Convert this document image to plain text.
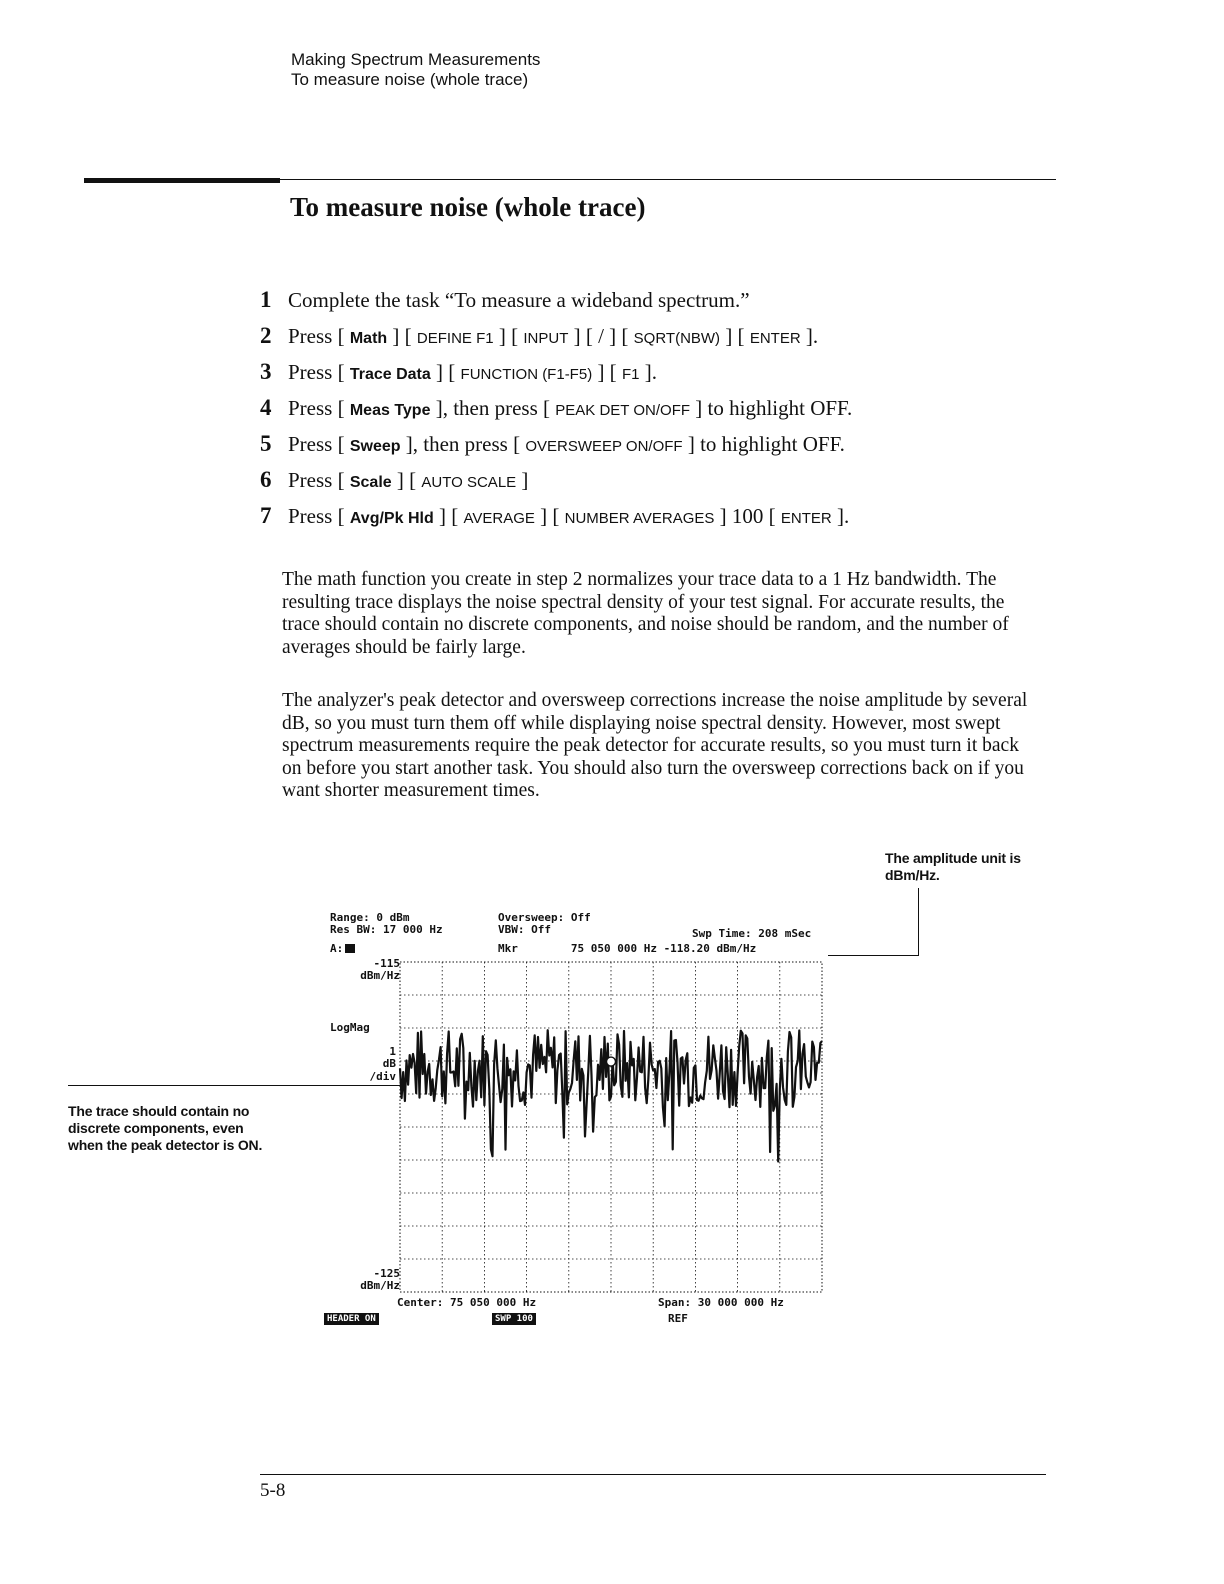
Making Spectrum Measurements
To measure noise (whole trace)
To measure noise (whole trace)
1 Complete the task “To measure a wideband spectrum.”
2 Press [ Math ] [ DEFINE F1 ] [ INPUT ] [ / ] [ SQRT(NBW) ] [ ENTER ].
3 Press [ Trace Data ] [ FUNCTION (F1-F5) ] [ F1 ].
4 Press [ Meas Type ], then press [ PEAK DET ON/OFF ] to highlight OFF.
5 Press [ Sweep ], then press [ OVERSWEEP ON/OFF ] to highlight OFF.
6 Press [ Scale ] [ AUTO SCALE ]
7 Press [ Avg/Pk Hld ] [ AVERAGE ] [ NUMBER AVERAGES ] 100 [ ENTER ].
The math function you create in step 2 normalizes your trace data to a 1 Hz bandwidth. The resulting trace displays the noise spectral density of your test signal. For accurate results, the trace should contain no discrete components, and noise should be random, and the number of averages should be fairly large.
The analyzer's peak detector and oversweep corrections increase the noise amplitude by several dB, so you must turn them off while displaying noise spectral density. However, most swept spectrum measurements require the peak detector for accurate results, so you must turn it back on before you start another task. You should also turn the oversweep corrections back on if you want shorter measurement times.
The amplitude unit is
dBm/Hz.
The trace should contain no
discrete components, even
when the peak detector is ON.
Range: 0 dBm
Res BW: 17 000 Hz
A:
Oversweep: Off
VBW: Off	Swp Time: 208 mSec
Mkr        75 050 000 Hz -118.20 dBm/Hz
-115
dBm/Hz
LogMag
1
dB
/div
-125
dBm/Hz
Center: 75 050 000 Hz	Span: 30 000 000 Hz
REF
HEADER ON	SWP 100
5-8
